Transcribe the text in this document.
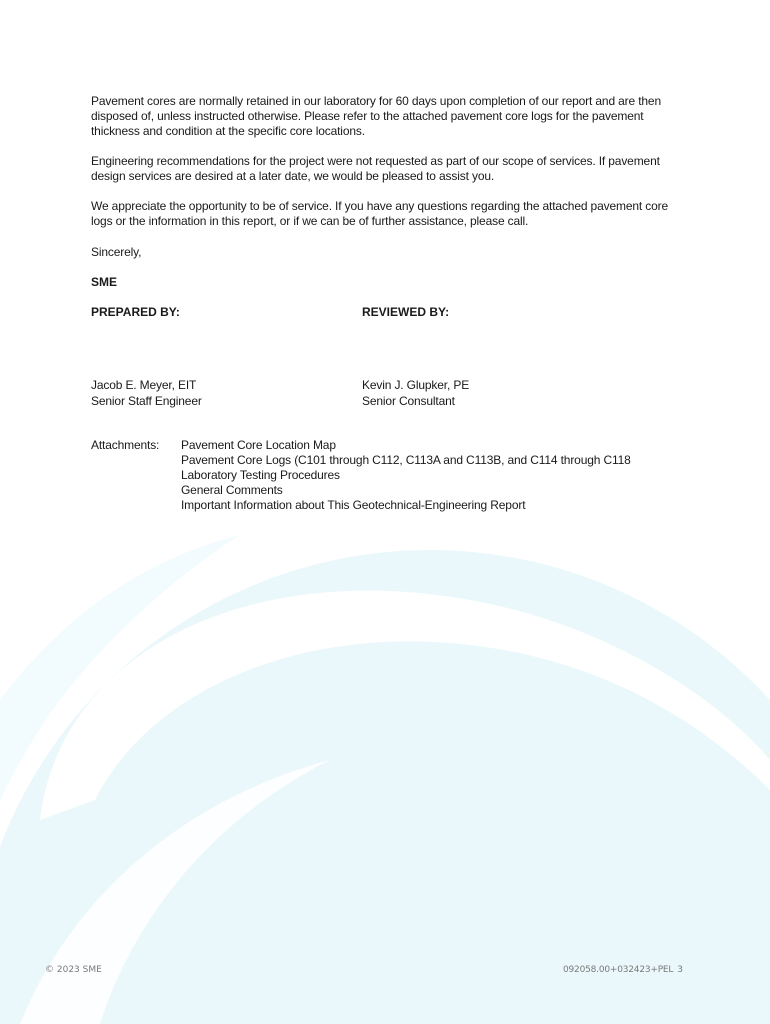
Pavement cores are normally retained in our laboratory for 60 days upon completion of our report and are then disposed of, unless instructed otherwise. Please refer to the attached pavement core logs for the pavement thickness and condition at the specific core locations.
Engineering recommendations for the project were not requested as part of our scope of services. If pavement design services are desired at a later date, we would be pleased to assist you.
We appreciate the opportunity to be of service. If you have any questions regarding the attached pavement core logs or the information in this report, or if we can be of further assistance, please call.
Sincerely,
SME
PREPARED BY:	REVIEWED BY:
Jacob E. Meyer, EIT
Senior Staff Engineer
Kevin J. Glupker, PE
Senior Consultant
Attachments: Pavement Core Location Map
Pavement Core Logs (C101 through C112, C113A and C113B, and C114 through C118
Laboratory Testing Procedures
General Comments
Important Information about This Geotechnical-Engineering Report
© 2023 SME	092058.00+032423+PEL 3
